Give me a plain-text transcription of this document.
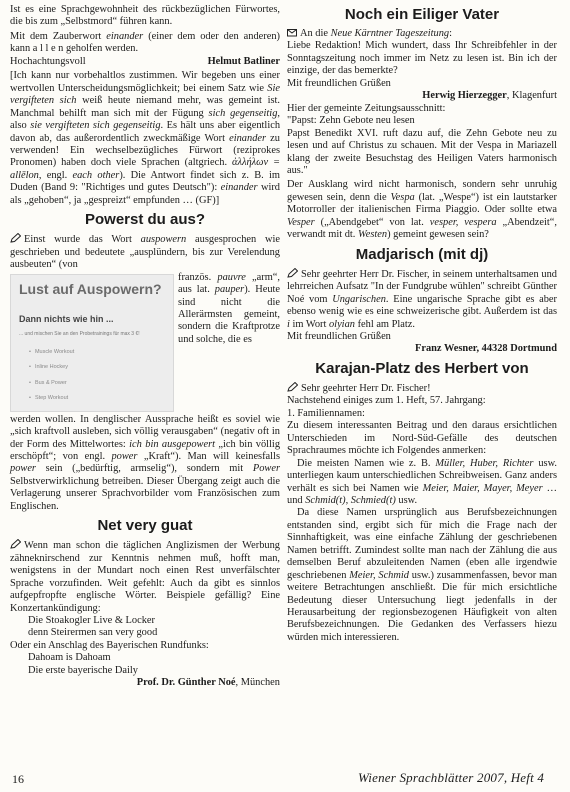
Ist es eine Sprachgewohnheit des rückbezüglichen Fürwortes, die bis zum „Selbstmord“ führen kann.

Mit dem Zauberwort einander (einer dem oder den anderen) kann a l l e n geholfen werden.

Hochachtungsvoll	Helmut Batliner

[Ich kann nur vorbehaltlos zustimmen. Wir begeben uns einer wertvollen Unterscheidungsmöglichkeit; bei einem Satz wie Sie vergifteten sich weiß heute niemand mehr, was gemeint ist. Manchmal behilft man sich mit der Fügung sich gegenseitig, also sie vergifteten sich gegenseitig. Es hält uns aber eigentlich davon ab, das außerordentlich zweckmäßige Wort einander zu verwenden! Ein wechselbezügliches Fürwort (reziprokes Pronomen) haben doch viele Sprachen (altgriech. ἀλλήλων = allēlon, engl. each other). Die Antwort findet sich z. B. im Duden (Band 9: "Richtiges und gutes Deutsch"): einander wird als „gehoben“, ja „gespreizt“ empfunden … (GF)]

Powerst du aus?

Einst wurde das Wort auspowern ausgesprochen wie geschrieben und bedeutete „ausplündern, bis zur Verelendung ausbeuten“ (von

Lust auf Auspowern?
Dann nichts wie hin ...
... und mischen Sie an den Probetrainings für max 3 €!
• Muscle Workout
• Inline Hockey
• Bus & Power
• Step Workout
•
französ. pauvre „arm“, aus lat. pauper). Heute sind nicht die Allerärmsten gemeint, sondern die Kraftprotze und solche, die es

werden wollen. In denglischer Aussprache heißt es soviel wie „sich kraftvoll ausleben, sich völlig verausgaben“ (negativ oft in der Form des Mittelwortes: ich bin ausgepowert „ich bin völlig erschöpft“; von engl. power „Kraft“). Man will keinesfalls power sein („bedürftig, armselig“), sondern mit Power Selbstverwirklichung betreiben. Dieser Übergang zeigt auch die Verlagerung unserer Sprachvorbilder vom Französischen zum Englischen.

Net very guat

Wenn man schon die täglichen Anglizismen der Werbung zähneknirschend zur Kenntnis nehmen muß, hofft man, wenigstens in der Mundart noch einen Rest unverfälschter Sprache vorzufinden. Weit gefehlt: Auch da gibt es sinnlos aufgepfropfte englische Wörter. Beispiele gefällig? Eine Konzertankündigung:

Die Stoakogler Live & Locker
denn Steirermen san very good
Oder ein Anschlag des Bayerischen Rundfunks:
Dahoam is Dahoam
Die erste bayerische Daily
Prof. Dr. Günther Noé, München
Noch ein Eiliger Vater
An die Neue Kärntner Tageszeitung:

Liebe Redaktion! Mich wundert, dass Ihr Schreibfehler in der Sonntagszeitung noch immer im Netz zu lesen ist. Bin ich der einzige, der das bemerkte?

Mit freundlichen Grüßen
Herwig Hierzegger, Klagenfurt
Hier der gemeinte Zeitungsausschnitt:
"Papst: Zehn Gebote neu lesen

Papst Benedikt XVI. ruft dazu auf, die Zehn Gebote neu zu lesen und auf Christus zu schauen. Mit der Vespa in Mariazell klang der zweite Besuchstag des Heiligen Vaters harmonisch aus."

Der Ausklang wird nicht harmonisch, sondern sehr unruhig gewesen sein, denn die Vespa (lat. „Wespe“) ist ein lautstarker Motorroller der italienischen Firma Piaggio. Oder sollte etwa Vesper („Abendgebet“ von lat. vesper, vespera „Abendzeit“, verwandt mit dt. Westen) gemeint gewesen sein?

Madjarisch (mit dj)

Sehr geehrter Herr Dr. Fischer, in seinem unterhaltsamen und lehrreichen Aufsatz "In der Fundgrube wühlen" schreibt Günther Noé vom Ungarischen. Eine ungarische Sprache gibt es aber ebenso wenig wie es eine schweizerische gibt. Außerdem ist das i im Wort olyian fehl am Platz.

Mit freundlichen Grüßen
Franz Wesner, 44328 Dortmund
Karajan-Platz des Herbert von
Sehr geehrter Herr Dr. Fischer!
Nachstehend einiges zum 1. Heft, 57. Jahrgang:
1. Familiennamen:

Zu diesem interessanten Beitrag und den daraus ersichtlichen Unterschieden im Nord-Süd-Gefälle des deutschen Sprachraumes möchte ich Folgendes anmerken:

Die meisten Namen wie z. B. Müller, Huber, Richter usw. unterliegen kaum unterschiedlichen Schreibweisen. Ganz anders verhält es sich bei Namen wie Meier, Maier, Mayer, Meyer … und Schmid(t), Schmied(t) usw.

Da diese Namen ursprünglich aus Berufsbezeichnungen entstanden sind, ergibt sich für mich die Frage nach der Sinnhaftigkeit, was eine einfache Zählung der geschriebenen Namen betrifft. Zumindest sollte man nach der Zählung die aus demselben Beruf abzuleitenden Namen (eben alle irgendwie geschriebenen Meier, Schmid usw.) zusammenfassen, bevor man weitere Betrachtungen anschließt. Die für mich ersichtliche Bedeutung dieser Untersuchung liegt jedenfalls in der Herausarbeitung der regionsbezogenen Häufigkeit von alten Berufsbezeichnungen. Die Gedanken des Verfassers hiezu würden mich interessieren.

16	Wiener Sprachblätter 2007, Heft 4
